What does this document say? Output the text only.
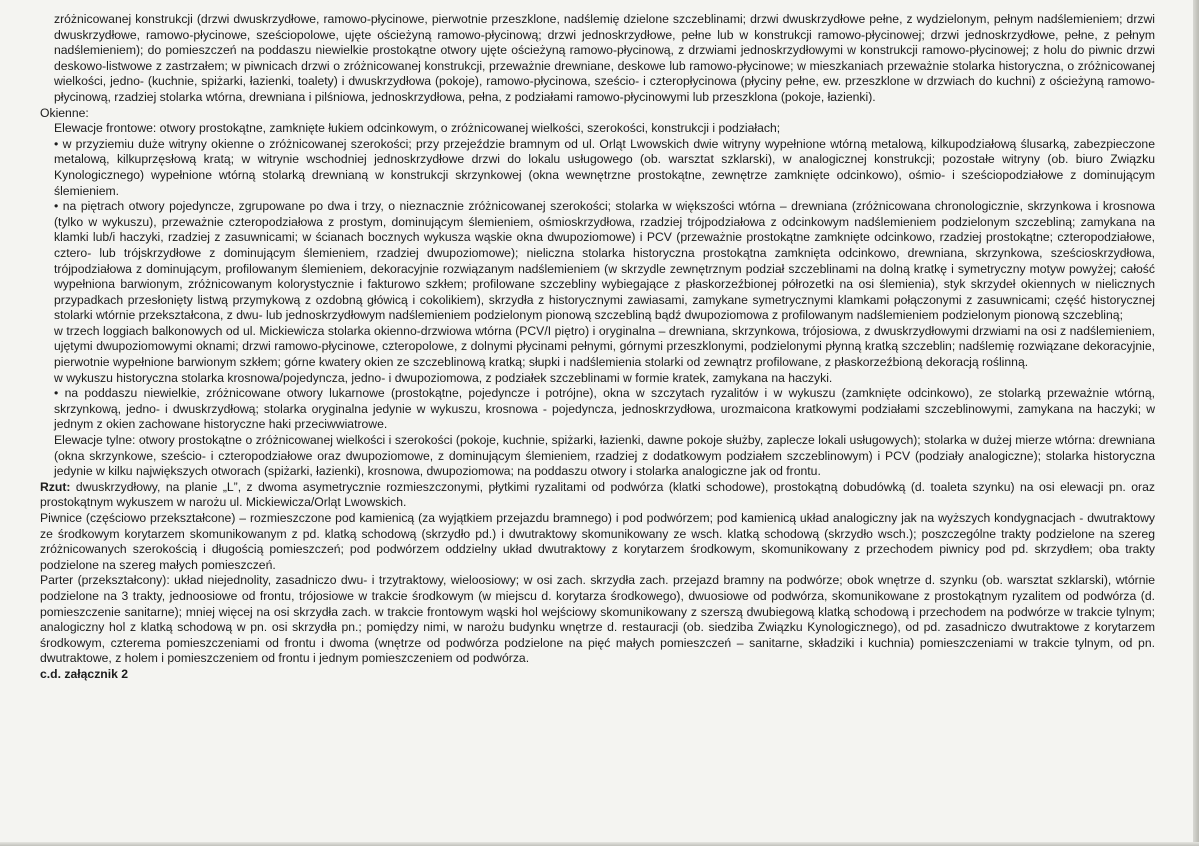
zróżnicowanej konstrukcji (drzwi dwuskrzydłowe, ramowo-płycinowe, pierwotnie przeszklone, nadślemię dzielone szczeblinami; drzwi dwuskrzydłowe pełne, z wydzielonym, pełnym nadślemieniem; drzwi dwuskrzydłowe, ramowo-płycinowe, sześciopolowe, ujęte ościeżyną ramowo-płycinową; drzwi jednoskrzydłowe, pełne lub w konstrukcji ramowo-płycinowej; drzwi jednoskrzydłowe, pełne, z pełnym nadślemieniem); do pomieszczeń na poddaszu niewielkie prostokątne otwory ujęte ościeżyną ramowo-płycinową, z drzwiami jednoskrzydłowymi w konstrukcji ramowo-płycinowej; z holu do piwnic drzwi deskowo-listwowe z zastrzałem; w piwnicach drzwi o zróżnicowanej konstrukcji, przeważnie drewniane, deskowe lub ramowo-płycinowe; w mieszkaniach przeważnie stolarka historyczna, o zróżnicowanej wielkości, jedno- (kuchnie, spiżarki, łazienki, toalety) i dwuskrzydłowa (pokoje), ramowo-płycinowa, sześcio- i czteropłycinowa (płyciny pełne, ew. przeszklone w drzwiach do kuchni) z ościeżyną ramowo-płycinową, rzadziej stolarka wtórna, drewniana i pilśniowa, jednoskrzydłowa, pełna, z podziałami ramowo-płycinowymi lub przeszklona (pokoje, łazienki).

Okienne:

Elewacje frontowe: otwory prostokątne, zamknięte łukiem odcinkowym, o zróżnicowanej wielkości, szerokości, konstrukcji i podziałach;

• w przyziemiu duże witryny okienne o zróżnicowanej szerokości; przy przejeździe bramnym od ul. Orląt Lwowskich dwie witryny wypełnione wtórną metalową, kilkupodziałową ślusarką, zabezpieczone metalową, kilkuprzęsłową kratą; w witrynie wschodniej jednoskrzydłowe drzwi do lokalu usługowego (ob. warsztat szklarski), w analogicznej konstrukcji; pozostałe witryny (ob. biuro Związku Kynologicznego) wypełnione wtórną stolarką drewnianą w konstrukcji skrzynkowej (okna wewnętrzne prostokątne, zewnętrze zamknięte odcinkowo), ośmio- i sześciopodziałowe z dominującym ślemieniem.

• na piętrach otwory pojedyncze, zgrupowane po dwa i trzy, o nieznacznie zróżnicowanej szerokości; stolarka w większości wtórna – drewniana (zróżnicowana chronologicznie, skrzynkowa i krosnowa (tylko w wykuszu), przeważnie czteropodziałowa z prostym, dominującym ślemieniem, ośmioskrzydłowa, rzadziej trójpodziałowa z odcinkowym nadślemieniem podzielonym szczebliną; zamykana na klamki lub/i haczyki, rzadziej z zasuwnicami; w ścianach bocznych wykusza wąskie okna dwupoziomowe) i PCV (przeważnie prostokątne zamknięte odcinkowo, rzadziej prostokątne; czteropodziałowe, cztero- lub trójskrzydłowe z dominującym ślemieniem, rzadziej dwupoziomowe); nieliczna stolarka historyczna prostokątna zamknięta odcinkowo, drewniana, skrzynkowa, sześcioskrzydłowa, trójpodziałowa z dominującym, profilowanym ślemieniem, dekoracyjnie rozwiązanym nadślemieniem (w skrzydle zewnętrznym podział szczeblinami na dolną kratkę i symetryczny motyw powyżej; całość wypełniona barwionym, zróżnicowanym kolorystycznie i fakturowo szkłem; profilowane szczebliny wybiegające z płaskorzeźbionej półrozetki na osi ślemienia), styk skrzydeł okiennych w nielicznych przypadkach przesłonięty listwą przymykową z ozdobną główicą i cokolikiem), skrzydła z historycznymi zawiasami, zamykane symetrycznymi klamkami połączonymi z zasuwnicami; część historycznej stolarki wtórnie przekształcona, z dwu- lub jednoskrzydłowym nadślemieniem podzielonym pionową szczebliną bądź dwupoziomowa z profilowanym nadślemieniem podzielonym pionową szczebliną;

w trzech loggiach balkonowych od ul. Mickiewicza stolarka okienno-drzwiowa wtórna (PCV/I piętro) i oryginalna – drewniana, skrzynkowa, trójosiowa, z dwuskrzydłowymi drzwiami na osi z nadślemieniem, ujętymi dwupoziomowymi oknami; drzwi ramowo-płycinowe, czteropolowe, z dolnymi płycinami pełnymi, górnymi przeszklonymi, podzielonymi płynną kratką szczeblin; nadślemię rozwiązane dekoracyjnie, pierwotnie wypełnione barwionym szkłem; górne kwatery okien ze szczeblinową kratką; słupki i nadślemienia stolarki od zewnątrz profilowane, z płaskorzeźbioną dekoracją roślinną.

w wykuszu historyczna stolarka krosnowa/pojedyncza, jedno- i dwupoziomowa, z podziałek szczeblinami w formie kratek, zamykana na haczyki.

• na poddaszu niewielkie, zróżnicowane otwory lukarnowe (prostokątne, pojedyncze i potrójne), okna w szczytach ryzalitów i w wykuszu (zamknięte odcinkowo), ze stolarką przeważnie wtórną, skrzynkową, jedno- i dwuskrzydłową; stolarka oryginalna jedynie w wykuszu, krosnowa - pojedyncza, jednoskrzydłowa, urozmaicona kratkowymi podziałami szczeblinowymi, zamykana na haczyki; w jednym z okien zachowane historyczne haki przeciwwiatrowe.

Elewacje tylne: otwory prostokątne o zróżnicowanej wielkości i szerokości (pokoje, kuchnie, spiżarki, łazienki, dawne pokoje służby, zaplecze lokali usługowych); stolarka w dużej mierze wtórna: drewniana (okna skrzynkowe, sześcio- i czteropodziałowe oraz dwupoziomowe, z dominującym ślemieniem, rzadziej z dodatkowym podziałem szczeblinowym) i PCV (podziały analogiczne); stolarka historyczna jedynie w kilku największych otworach (spiżarki, łazienki), krosnowa, dwupoziomowa; na poddaszu otwory i stolarka analogiczne jak od frontu.

Rzut: dwuskrzydłowy, na planie „L”, z dwoma asymetrycznie rozmieszczonymi, płytkimi ryzalitami od podwórza (klatki schodowe), prostokątną dobudówką (d. toaleta szynku) na osi elewacji pn. oraz prostokątnym wykuszem w narożu ul. Mickiewicza/Orląt Lwowskich.

Piwnice (częściowo przekształcone) – rozmieszczone pod kamienicą (za wyjątkiem przejazdu bramnego) i pod podwórzem; pod kamienicą układ analogiczny jak na wyższych kondygnacjach - dwutraktowy ze środkowym korytarzem skomunikowanym z pd. klatką schodową (skrzydło pd.) i dwutraktowy skomunikowany ze wsch. klatką schodową (skrzydło wsch.); poszczególne trakty podzielone na szereg zróżnicowanych szerokością i długością pomieszczeń; pod podwórzem oddzielny układ dwutraktowy z korytarzem środkowym, skomunikowany z przechodem piwnicy pod pd. skrzydłem; oba trakty podzielone na szereg małych pomieszczeń.

Parter (przekształcony): układ niejednolity, zasadniczo dwu- i trzytraktowy, wieloosiowy; w osi zach. skrzydła zach. przejazd bramny na podwórze; obok wnętrze d. szynku (ob. warsztat szklarski), wtórnie podzielone na 3 trakty, jednoosiowe od frontu, trójosiowe w trakcie środkowym (w miejscu d. korytarza środkowego), dwuosiowe od podwórza, skomunikowane z prostokątnym ryzalitem od podwórza (d. pomieszczenie sanitarne); mniej więcej na osi skrzydła zach. w trakcie frontowym wąski hol wejściowy skomunikowany z szerszą dwubiegową klatką schodową i przechodem na podwórze w trakcie tylnym; analogiczny hol z klatką schodową w pn. osi skrzydła pn.; pomiędzy nimi, w narożu budynku wnętrze d. restauracji (ob. siedziba Związku Kynologicznego), od pd. zasadniczo dwutraktowe z korytarzem środkowym, czterema pomieszczeniami od frontu i dwoma (wnętrze od podwórza podzielone na pięć małych pomieszczeń – sanitarne, składziki i kuchnia) pomieszczeniami w trakcie tylnym, od pn. dwutraktowe, z holem i pomieszczeniem od frontu i jednym pomieszczeniem od podwórza.

c.d. załącznik 2
